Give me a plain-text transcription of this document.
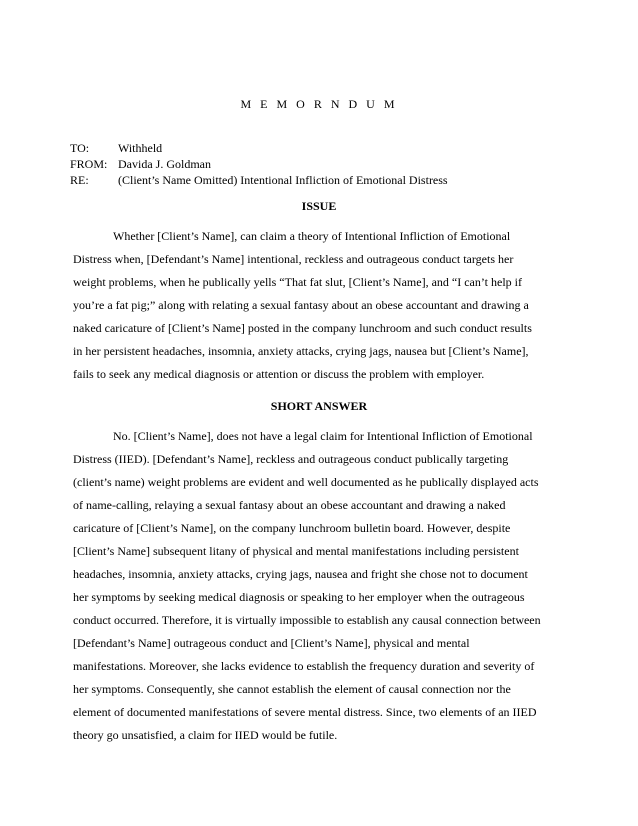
M E M O R N D U M
TO:	Withheld
FROM: Davida J. Goldman
RE:	(Client’s Name Omitted) Intentional Infliction of Emotional Distress
ISSUE
Whether [Client’s Name], can claim a theory of Intentional Infliction of Emotional
Distress when, [Defendant’s Name] intentional, reckless and outrageous conduct targets her
weight problems, when he publically yells “That fat slut, [Client’s Name], and “I can’t help if
you’re a fat pig;” along with relating a sexual fantasy about an obese accountant and drawing a
naked caricature of [Client’s Name] posted in the company lunchroom and such conduct results
in her persistent headaches, insomnia, anxiety attacks, crying jags, nausea but [Client’s Name],
fails to seek any medical diagnosis or attention or discuss the problem with employer.
SHORT ANSWER
No. [Client’s Name], does not have a legal claim for Intentional Infliction of Emotional
Distress (IIED). [Defendant’s Name], reckless and outrageous conduct publically targeting
(client’s name) weight problems are evident and well documented as he publically displayed acts
of name-calling, relaying a sexual fantasy about an obese accountant and drawing a naked
caricature of [Client’s Name], on the company lunchroom bulletin board. However, despite
[Client’s Name] subsequent litany of physical and mental manifestations including persistent
headaches, insomnia, anxiety attacks, crying jags, nausea and fright she chose not to document
her symptoms by seeking medical diagnosis or speaking to her employer when the outrageous
conduct occurred. Therefore, it is virtually impossible to establish any causal connection between
[Defendant’s Name] outrageous conduct and [Client’s Name], physical and mental
manifestations. Moreover, she lacks evidence to establish the frequency duration and severity of
her symptoms. Consequently, she cannot establish the element of causal connection nor the
element of documented manifestations of severe mental distress. Since, two elements of an IIED
theory go unsatisfied, a claim for IIED would be futile.
